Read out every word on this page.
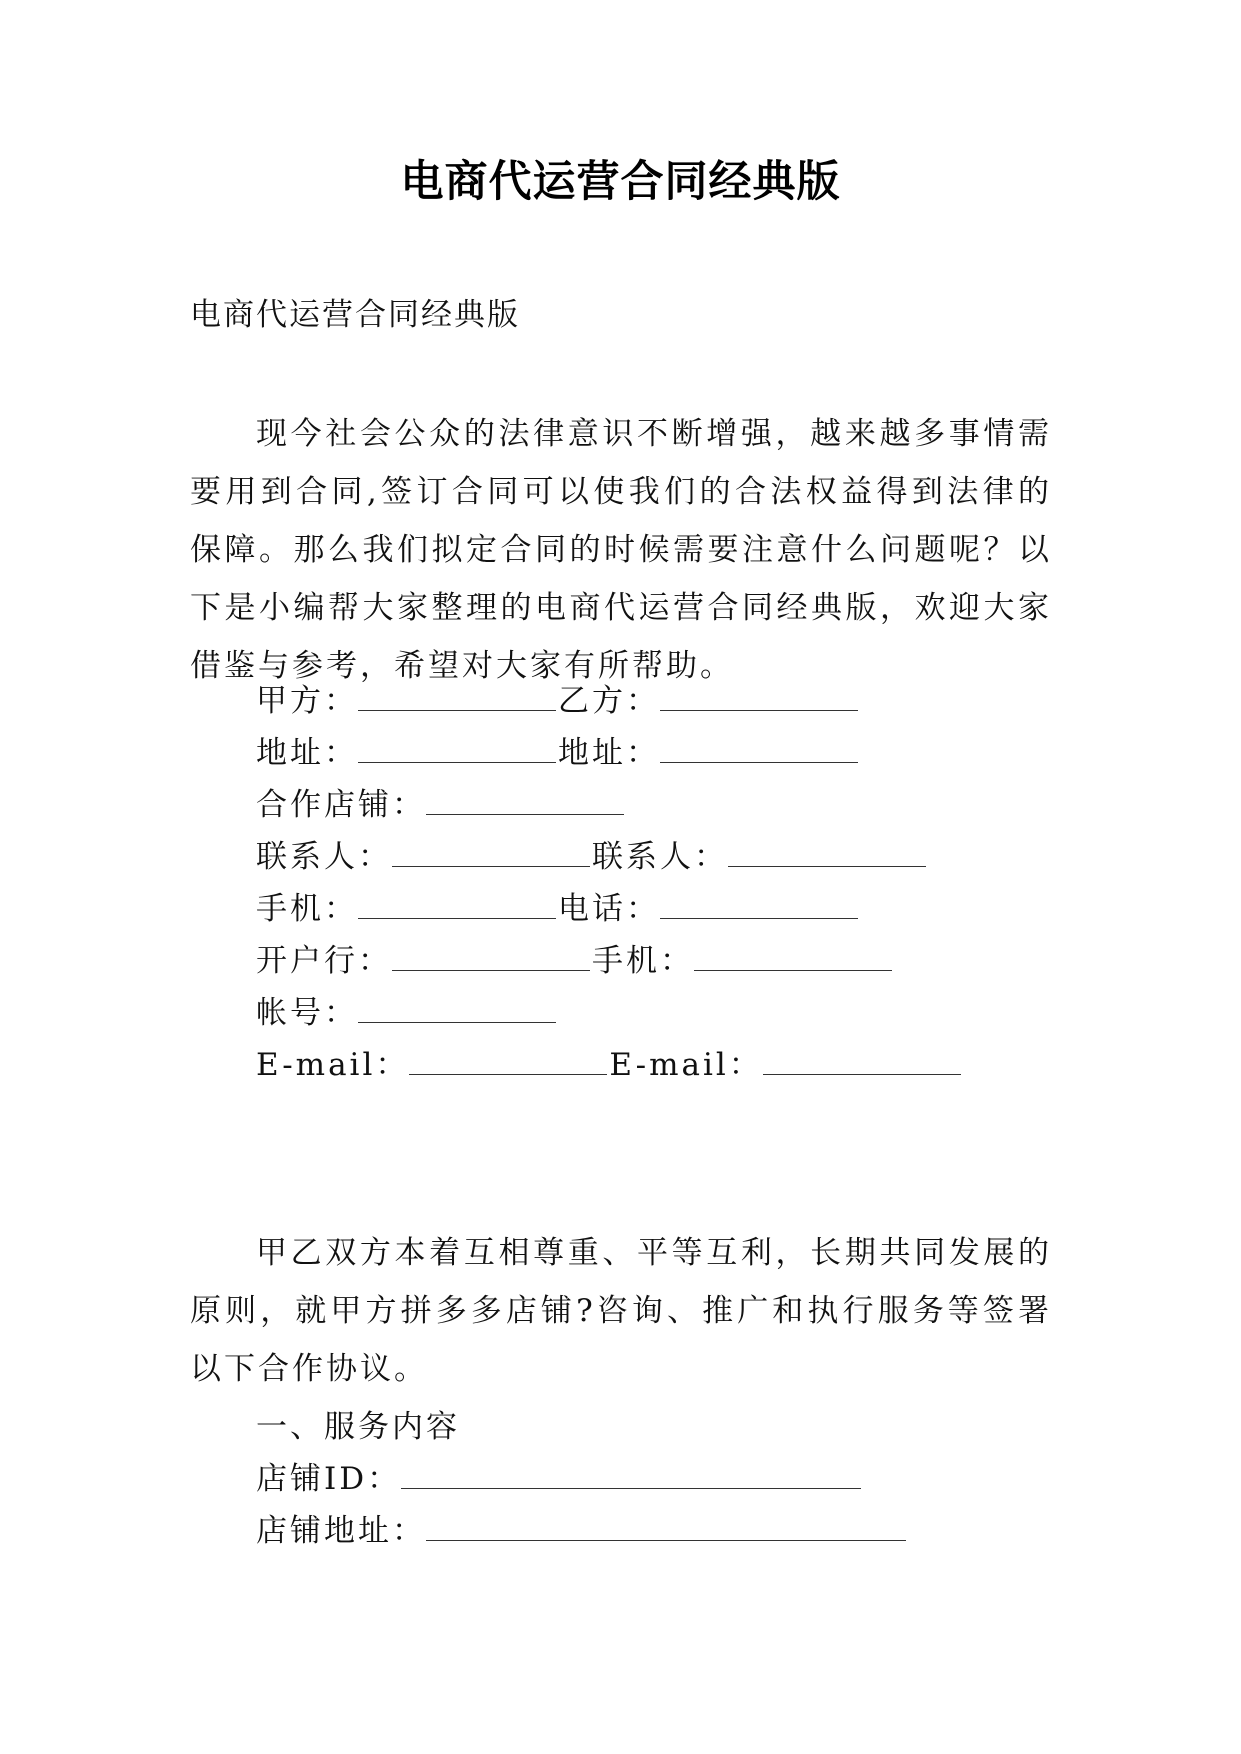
电商代运营合同经典版
电商代运营合同经典版

现今社会公众的法律意识不断增强，越来越多事情需要用到合同,签订合同可以使我们的合法权益得到法律的保障。那么我们拟定合同的时候需要注意什么问题呢？以下是小编帮大家整理的电商代运营合同经典版，欢迎大家借鉴与参考，希望对大家有所帮助。

甲方：	乙方：
地址：	地址：
合作店铺：
联系人：	联系人：
手机：	电话：
开户行：	手机：
帐号：
E-mail：	E-mail：

甲乙双方本着互相尊重、平等互利，长期共同发展的原则，就甲方拼多多店铺?咨询、推广和执行服务等签署以下合作协议。

一、服务内容
店铺ID：
店铺地址：
